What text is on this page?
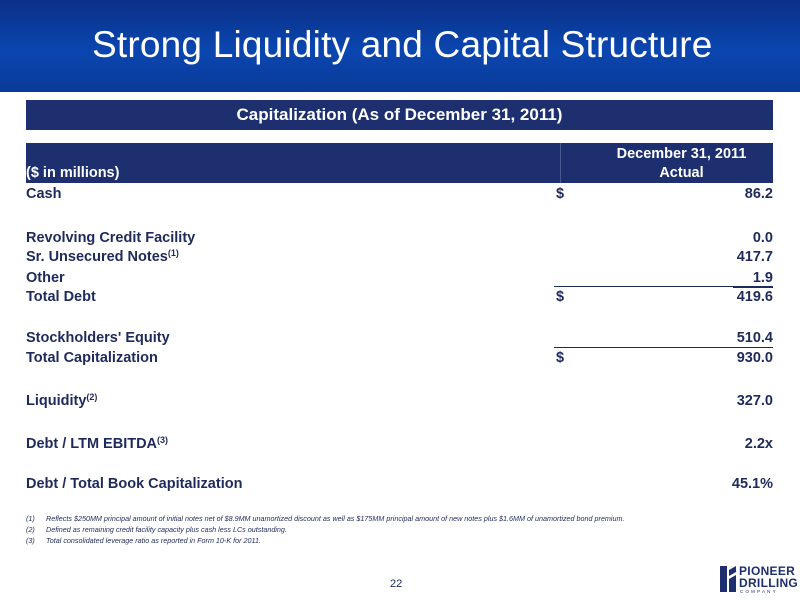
Strong Liquidity and Capital Structure
Capitalization (As of December 31, 2011)
($ in millions)
December 31, 2011
Actual
Cash	$	86.2
Revolving Credit Facility	0.0
Sr. Unsecured Notes$^{(1)}$	417.7
Other	1.9
Total Debt	$	419.6
Stockholders' Equity	510.4
Total Capitalization	$	930.0
Liquidity$^{(2)}$	327.0
Debt / LTM EBITDA$^{(3)}$	2.2x
Debt / Total Book Capitalization	45.1%
(1) Reflects $250MM principal amount of initial notes net of $8.9MM unamortized discount as well as $175MM principal amount of new notes plus $1.6MM of unamortized bond premium.
(2) Defined as remaining credit facility capacity plus cash less LCs outstanding.
(3) Total consolidated leverage ratio as reported in Form 10-K for 2011.
22
PIONEER
DRILLING
COMPANY
